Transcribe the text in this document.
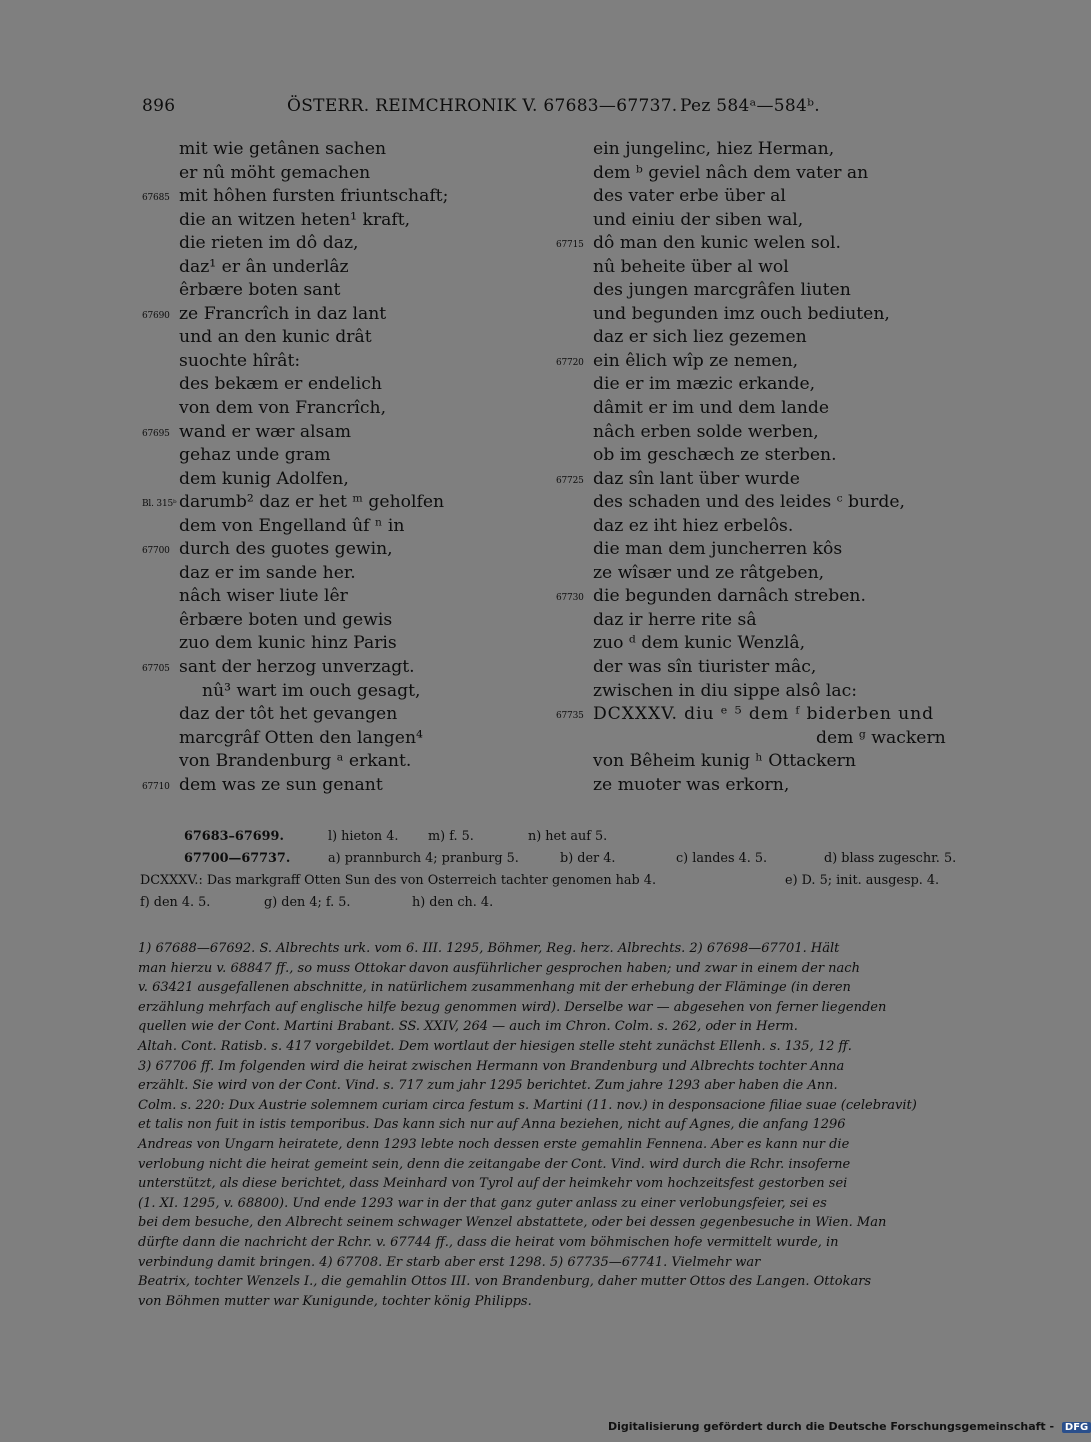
896	ÖSTERR. REIMCHRONIK V. 67683—67737. Pez 584ᵃ—584ᵇ.
mit wie getânen sachen
er nû möht gemachen
67685 mit hôhen fursten friuntschaft;
die an witzen heten¹ kraft,
die rieten im dô daz,
daz¹ er ân underlâz
êrbære boten sant
67690 ze Francrîch in daz lant
und an den kunic drât
suochte hîrât:
des bekæm er endelich
von dem von Francrîch,
67695 wand er wær alsam
gehaz unde gram
dem kunig Adolfen,
Bl. 315ᵇ darumb² daz er het ᵐ geholfen
dem von Engelland ûf ⁿ in
67700 durch des guotes gewin,
daz er im sande her.
nâch wiser liute lêr
êrbære boten und gewis
zuo dem kunic hinz Paris
67705 sant der herzog unverzagt.
nû³ wart im ouch gesagt,
daz der tôt het gevangen
marcgrâf Otten den langen⁴
von Brandenburg ᵃ erkant.
67710 dem was ze sun genant
ein jungelinc, hiez Herman,
dem ᵇ geviel nâch dem vater an
des vater erbe über al
und einiu der siben wal,
67715 dô man den kunic welen sol.
nû beheite über al wol
des jungen marcgrâfen liuten
und begunden imz ouch bediuten,
daz er sich liez gezemen
67720 ein êlich wîp ze nemen,
die er im mæzic erkande,
dâmit er im und dem lande
nâch erben solde werben,
ob im geschæch ze sterben.
67725 daz sîn lant über wurde
des schaden und des leides ᶜ burde,
daz ez iht hiez erbelôs.
die man dem juncherren kôs
ze wîsær und ze râtgeben,
67730 die begunden darnâch streben.
daz ir herre rite sâ
zuo ᵈ dem kunic Wenzlâ,
der was sîn tiurister mâc,
zwischen in diu sippe alsô lac:
67735 DCXXXV. diu ᵉ ⁵ dem ᶠ biderben und
dem ᵍ wackern
von Bêheim kunig ʰ Ottackern
ze muoter was erkorn,
67683–67699.	l) hieton 4. m) f. 5.	n) het auf 5.
67700—67737.	a) prannburch 4; pranburg 5.	b) der 4.	c) landes 4. 5.	d) blass zugeschr. 5.
DCXXXV.: Das markgraff Otten Sun des von Osterreich tachter genomen hab 4.	e) D. 5; init. ausgesp. 4.
f) den 4. 5.	g) den 4; f. 5.	h) den ch. 4.
1) 67688—67692. S. Albrechts urk. vom 6. III. 1295, Böhmer, Reg. herz. Albrechts. 2) 67698—67701. Hält
man hierzu v. 68847 ff., so muss Ottokar davon ausführlicher gesprochen haben; und zwar in einem der nach
v. 63421 ausgefallenen abschnitte, in natürlichem zusammenhang mit der erhebung der Fläminge (in deren
erzählung mehrfach auf englische hilfe bezug genommen wird). Derselbe war — abgesehen von ferner liegenden
quellen wie der Cont. Martini Brabant. SS. XXIV, 264 — auch im Chron. Colm. s. 262, oder in Herm.
Altah. Cont. Ratisb. s. 417 vorgebildet. Dem wortlaut der hiesigen stelle steht zunächst Ellenh. s. 135, 12 ff.
3) 67706 ff. Im folgenden wird die heirat zwischen Hermann von Brandenburg und Albrechts tochter Anna
erzählt. Sie wird von der Cont. Vind. s. 717 zum jahr 1295 berichtet. Zum jahre 1293 aber haben die Ann.
Colm. s. 220: Dux Austrie solemnem curiam circa festum s. Martini (11. nov.) in desponsacione filiae suae (celebravit)
et talis non fuit in istis temporibus. Das kann sich nur auf Anna beziehen, nicht auf Agnes, die anfang 1296
Andreas von Ungarn heiratete, denn 1293 lebte noch dessen erste gemahlin Fennena. Aber es kann nur die
verlobung nicht die heirat gemeint sein, denn die zeitangabe der Cont. Vind. wird durch die Rchr. insoferne
unterstützt, als diese berichtet, dass Meinhard von Tyrol auf der heimkehr vom hochzeitsfest gestorben sei
(1. XI. 1295, v. 68800). Und ende 1293 war in der that ganz guter anlass zu einer verlobungsfeier, sei es
bei dem besuche, den Albrecht seinem schwager Wenzel abstattete, oder bei dessen gegenbesuche in Wien. Man
dürfte dann die nachricht der Rchr. v. 67744 ff., dass die heirat vom böhmischen hofe vermittelt wurde, in
verbindung damit bringen. 4) 67708. Er starb aber erst 1298. 5) 67735—67741. Vielmehr war
Beatrix, tochter Wenzels I., die gemahlin Ottos III. von Brandenburg, daher mutter Ottos des Langen. Ottokars
von Böhmen mutter war Kunigunde, tochter könig Philipps.
Digitalisierung gefördert durch die Deutsche Forschungsgemeinschaft - DFG
